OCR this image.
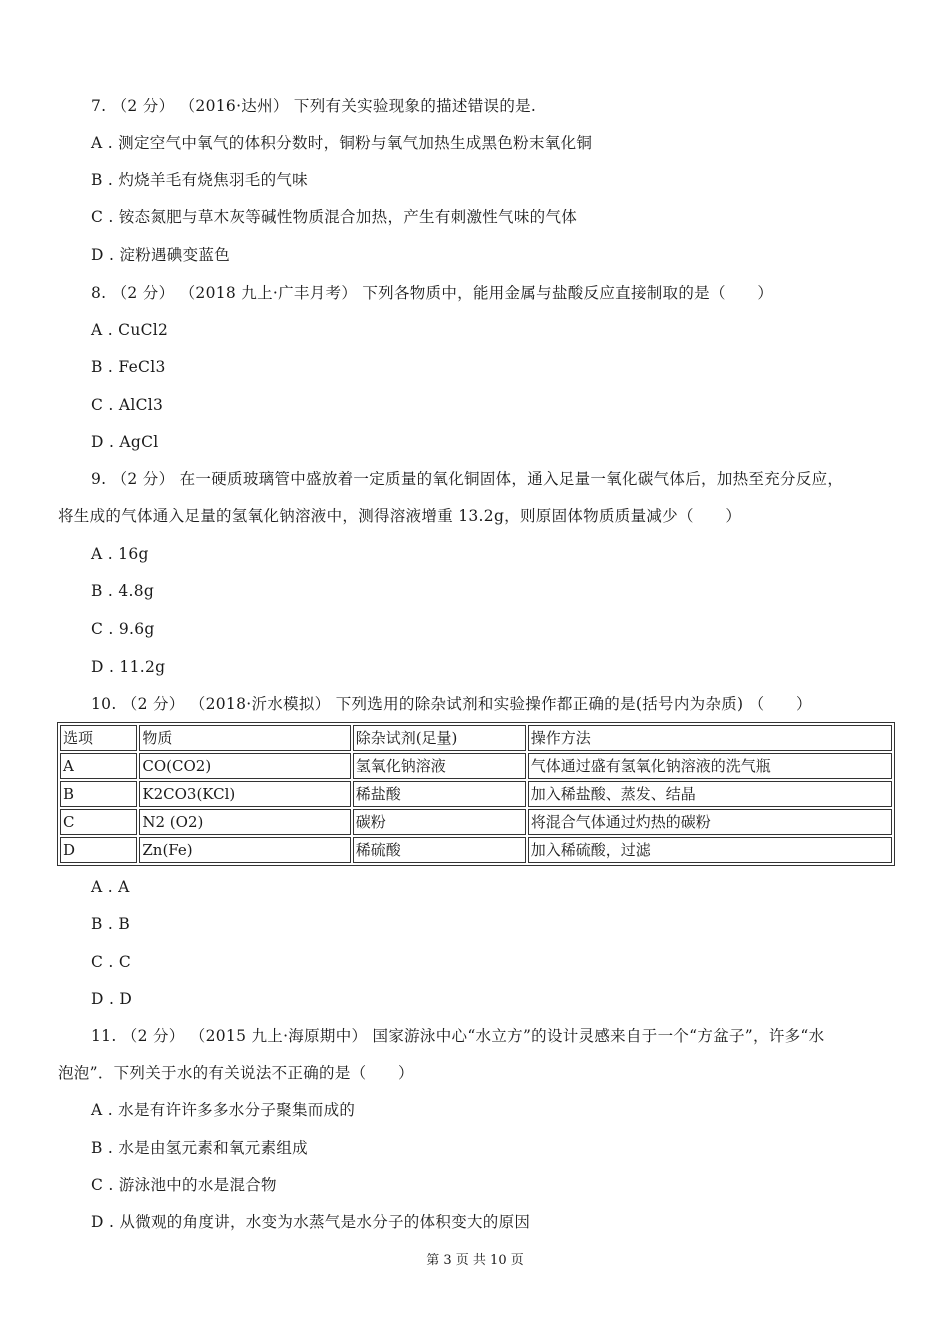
7. （2 分） （2016·达州） 下列有关实验现象的描述错误的是.
A . 测定空气中氧气的体积分数时，铜粉与氧气加热生成黑色粉末氧化铜
B . 灼烧羊毛有烧焦羽毛的气味
C . 铵态氮肥与草木灰等碱性物质混合加热，产生有刺激性气味的气体
D . 淀粉遇碘变蓝色
8. （2 分） （2018 九上·广丰月考） 下列各物质中，能用金属与盐酸反应直接制取的是（　　）
A . CuCl2
B . FeCl3
C . AlCl3
D . AgCl
9. （2 分） 在一硬质玻璃管中盛放着一定质量的氧化铜固体，通入足量一氧化碳气体后，加热至充分反应，
将生成的气体通入足量的氢氧化钠溶液中，测得溶液增重 13.2g，则原固体物质质量减少（　　）
A . 16g
B . 4.8g
C . 9.6g
D . 11.2g
10. （2 分） （2018·沂水模拟） 下列选用的除杂试剂和实验操作都正确的是(括号内为杂质) （　　）
选项	物质	除杂试剂(足量)	操作方法
A	CO(CO2)	氢氧化钠溶液	气体通过盛有氢氧化钠溶液的洗气瓶
B	K2CO3(KCl)	稀盐酸	加入稀盐酸、蒸发、结晶
C	N2 (O2)	碳粉	将混合气体通过灼热的碳粉
D	Zn(Fe)	稀硫酸	加入稀硫酸，过滤
A . A
B . B
C . C
D . D
11. （2 分） （2015 九上·海原期中） 国家游泳中心“水立方”的设计灵感来自于一个“方盆子”，许多“水
泡泡”．下列关于水的有关说法不正确的是（　　）
A . 水是有许许多多水分子聚集而成的
B . 水是由氢元素和氧元素组成
C . 游泳池中的水是混合物
D . 从微观的角度讲，水变为水蒸气是水分子的体积变大的原因
第 3 页 共 10 页
